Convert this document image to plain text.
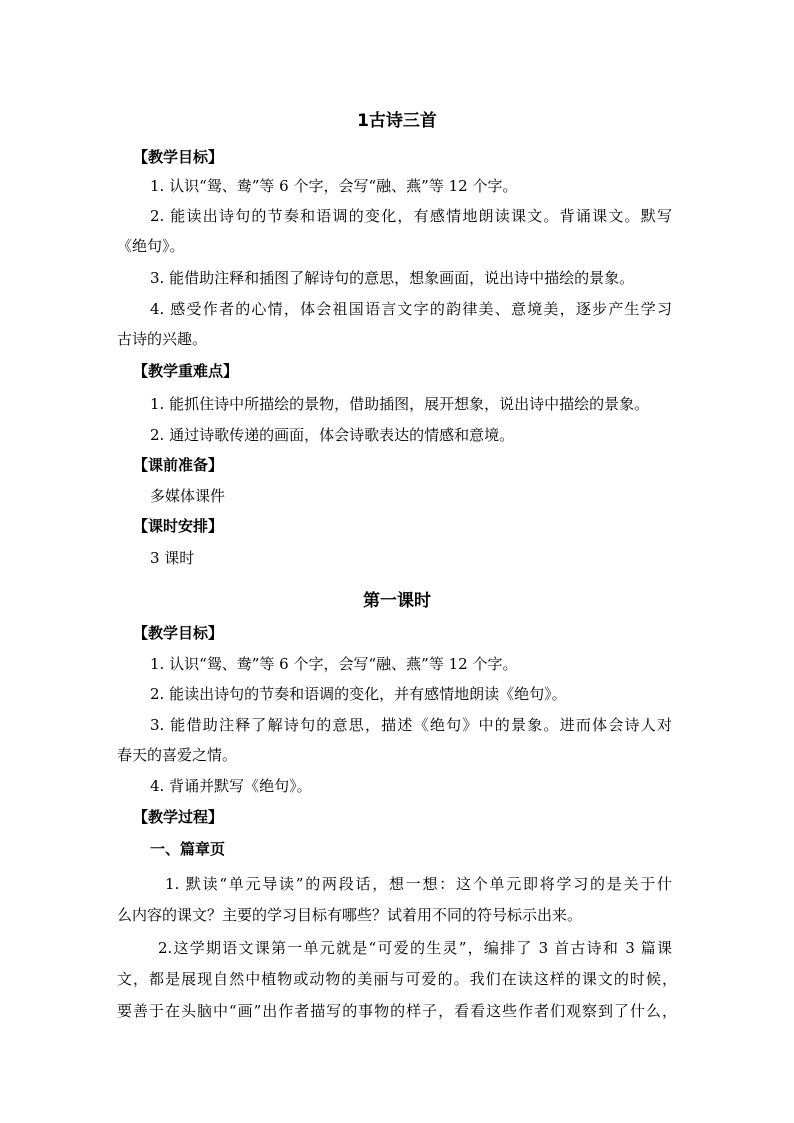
1古诗三首
【教学目标】
1. 认识“鸳、鸯”等 6 个字，会写“融、燕”等 12 个字。
2. 能读出诗句的节奏和语调的变化，有感情地朗读课文。背诵课文。默写
《绝句》。
3. 能借助注释和插图了解诗句的意思，想象画面，说出诗中描绘的景象。
4. 感受作者的心情，体会祖国语言文字的韵律美、意境美，逐步产生学习
古诗的兴趣。
【教学重难点】
1. 能抓住诗中所描绘的景物，借助插图，展开想象，说出诗中描绘的景象。
2. 通过诗歌传递的画面，体会诗歌表达的情感和意境。
【课前准备】
多媒体课件
【课时安排】
3 课时
第一课时
【教学目标】
1. 认识“鸳、鸯”等 6 个字，会写“融、燕”等 12 个字。
2. 能读出诗句的节奏和语调的变化，并有感情地朗读《绝句》。
3. 能借助注释了解诗句的意思，描述《绝句》中的景象。进而体会诗人对
春天的喜爱之情。
4. 背诵并默写《绝句》。
【教学过程】
一、篇章页
1. 默读“单元导读”的两段话，想一想：这个单元即将学习的是关于什
么内容的课文？主要的学习目标有哪些？试着用不同的符号标示出来。
2.这学期语文课第一单元就是“可爱的生灵”，编排了 3 首古诗和 3 篇课
文，都是展现自然中植物或动物的美丽与可爱的。我们在读这样的课文的时候，
要善于在头脑中“画”出作者描写的事物的样子，看看这些作者们观察到了什么，
